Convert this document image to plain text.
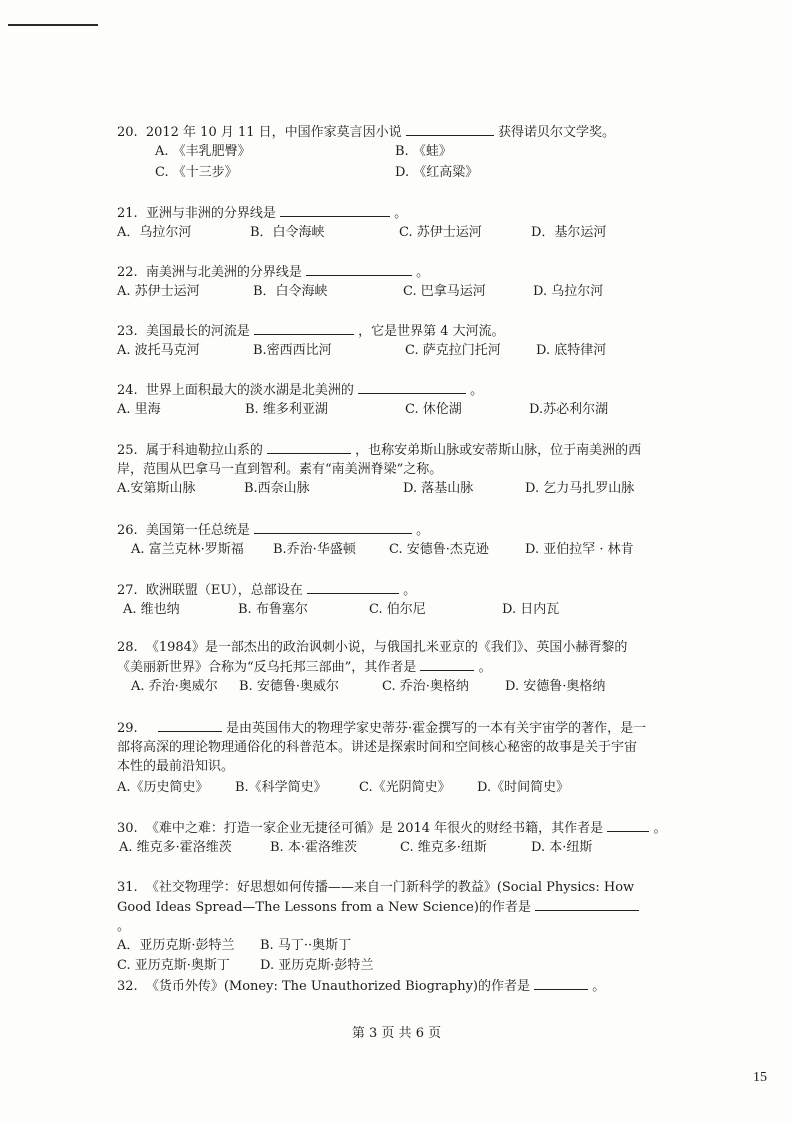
20. 2012 年 10 月 11 日，中国作家莫言因小说	获得诺贝尔文学奖。
A. 《丰乳肥臀》	B. 《蛙》
C. 《十三步》	D. 《红高粱》
21. 亚洲与非洲的分界线是	。
A．乌拉尔河	B．白令海峡	C. 苏伊士运河	D．基尔运河
22. 南美洲与北美洲的分界线是	。
A. 苏伊士运河	B．白令海峡	C. 巴拿马运河	D. 乌拉尔河
23. 美国最长的河流是	，它是世界第 4 大河流。
A. 波托马克河	B.密西西比河	C. 萨克拉门托河	D. 底特律河
24. 世界上面积最大的淡水湖是北美洲的	。
A. 里海	B. 维多利亚湖	C. 休伦湖	D.苏必利尔湖
25. 属于科迪勒拉山系的	，也称安弟斯山脉或安蒂斯山脉，位于南美洲的西岸，范围从巴拿马一直到智利。素有“南美洲脊梁”之称。
A.安第斯山脉	B.西奈山脉	D. 落基山脉	D. 乞力马扎罗山脉
26. 美国第一任总统是	。
A. 富兰克林·罗斯福 B.乔治·华盛顿	C. 安德鲁·杰克逊	D. 亚伯拉罕 · 林肯
27. 欧洲联盟（EU），总部设在	。
A. 维也纳	B. 布鲁塞尔	C. 伯尔尼	D. 日内瓦
28. 《1984》是一部杰出的政治讽刺小说，与俄国扎米亚京的《我们》、英国小赫胥黎的《美丽新世界》合称为“反乌托邦三部曲”，其作者是	。
A. 乔治·奥威尔 B. 安德鲁·奥威尔	C. 乔治·奥格纳	D. 安德鲁·奥格纳
29.	是由英国伟大的物理学家史蒂芬·霍金撰写的一本有关宇宙学的著作，是一部将高深的理论物理通俗化的科普范本。讲述是探索时间和空间核心秘密的故事是关于宇宙本性的最前沿知识。
A.《历史简史》 B.《科学简史》 C.《光阴简史》 D.《时间简史》
30. 《难中之难：打造一家企业无捷径可循》是 2014 年很火的财经书籍，其作者是	。
A. 维克多·霍洛维茨	B. 本·霍洛维茨	C. 维克多·纽斯	D. 本·纽斯
31. 《社交物理学：好思想如何传播——来自一门新科学的教益》(Social Physics: How Good Ideas Spread—The Lessons from a New Science)的作者是  。
A．亚历克斯·彭特兰 B. 马丁··奥斯丁
C. 亚历克斯·奥斯丁 D. 亚历克斯·彭特兰
32. 《货币外传》(Money: The Unauthorized Biography)的作者是	。
第 3 页 共 6 页
15
